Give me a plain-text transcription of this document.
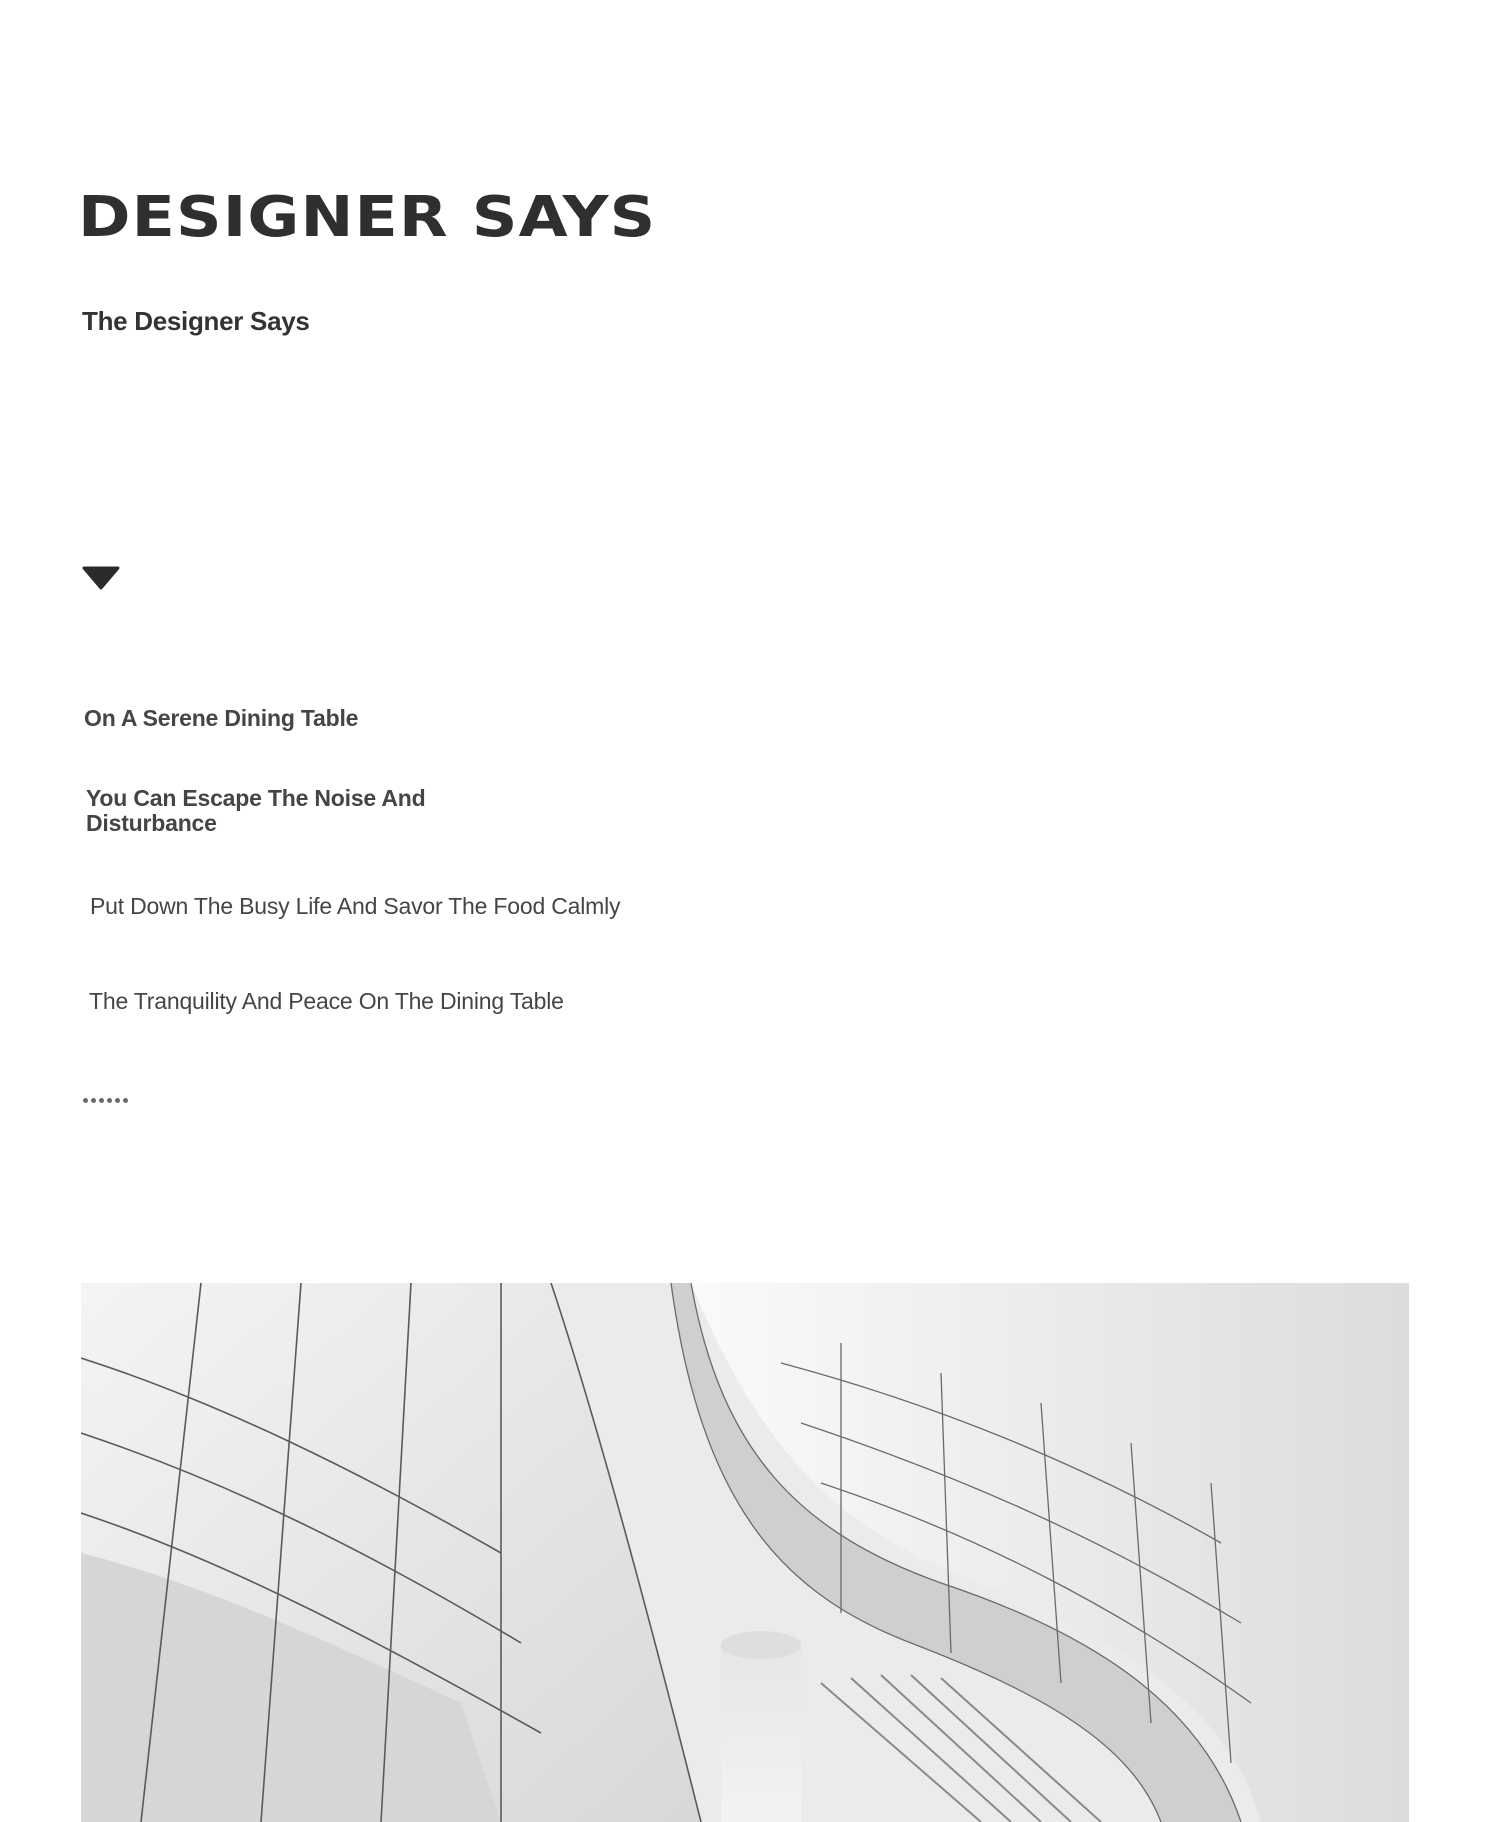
DESIGNER SAYS
The Designer Says
On A Serene Dining Table
You Can Escape The Noise And Disturbance
Put Down The Busy Life And Savor The Food Calmly
The Tranquility And Peace On The Dining Table
